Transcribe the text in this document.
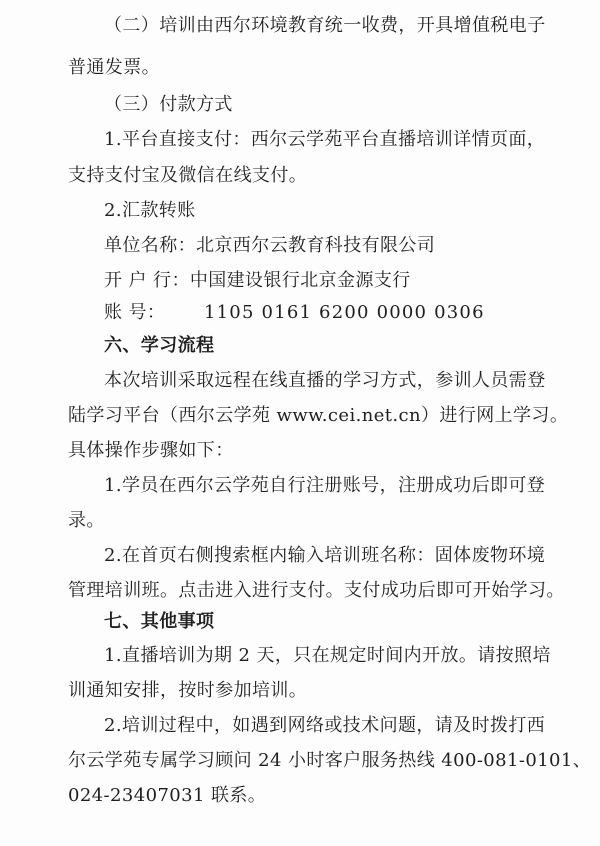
（二）培训由西尔环境教育统一收费，开具增值税电子
普通发票。
（三）付款方式
1.平台直接支付：西尔云学苑平台直播培训详情页面，
支持支付宝及微信在线支付。
2.汇款转账
单位名称：北京西尔云教育科技有限公司
开 户 行：中国建设银行北京金源支行
账 号： 1105 0161 6200 0000 0306
六、学习流程
本次培训采取远程在线直播的学习方式，参训人员需登
陆学习平台（西尔云学苑 www.cei.net.cn）进行网上学习。
具体操作步骤如下：
1.学员在西尔云学苑自行注册账号，注册成功后即可登
录。
2.在首页右侧搜索框内输入培训班名称：固体废物环境
管理培训班。点击进入进行支付。支付成功后即可开始学习。
七、其他事项
1.直播培训为期 2 天，只在规定时间内开放。请按照培
训通知安排，按时参加培训。
2.培训过程中，如遇到网络或技术问题，请及时拨打西
尔云学苑专属学习顾问 24 小时客户服务热线 400-081-0101、
024-23407031 联系。
